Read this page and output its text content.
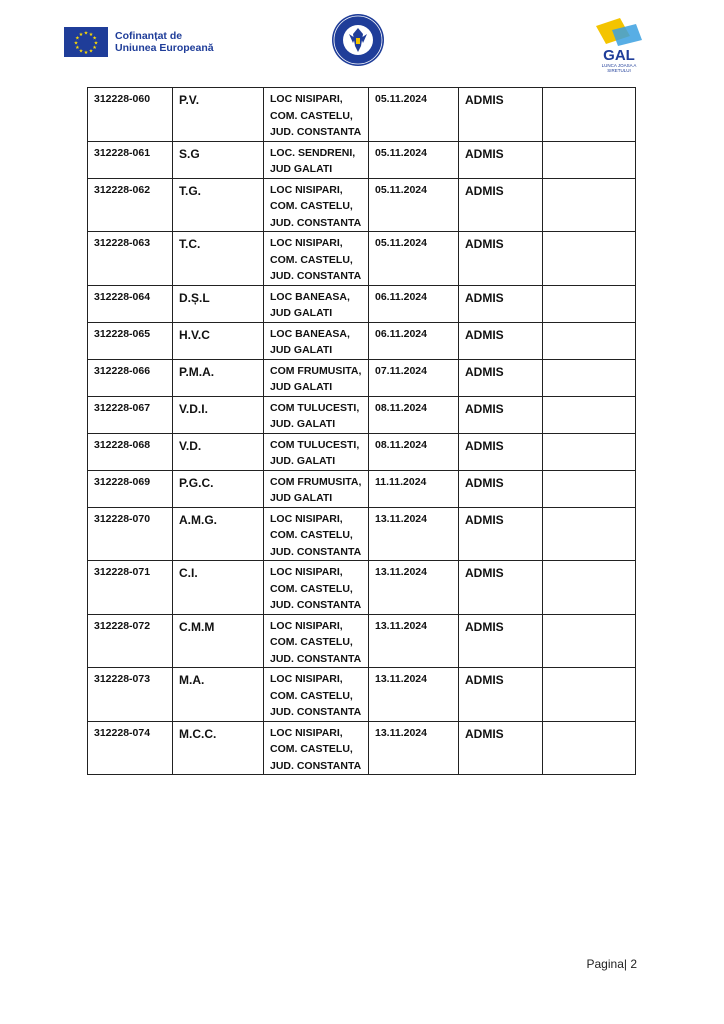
★ ★
★
★
★
★
★
★
★
★
★
★	Cofinanțat de
Uniunea Europeană	GAL
LUNCA JOASA A SIRETULUI
312228-060	P.V.	LOC NISIPARI, COM. CASTELU, JUD. CONSTANTA	05.11.2024	ADMIS	
312228-061	S.G	LOC. SENDRENI, JUD GALATI	05.11.2024	ADMIS	
312228-062	T.G.	LOC NISIPARI, COM. CASTELU, JUD. CONSTANTA	05.11.2024	ADMIS	
312228-063	T.C.	LOC NISIPARI, COM. CASTELU, JUD. CONSTANTA	05.11.2024	ADMIS	
312228-064	D.Ș.L	LOC BANEASA, JUD GALATI	06.11.2024	ADMIS	
312228-065	H.V.C	LOC BANEASA, JUD GALATI	06.11.2024	ADMIS	
312228-066	P.M.A.	COM FRUMUSITA, JUD GALATI	07.11.2024	ADMIS	
312228-067	V.D.I.	COM TULUCESTI, JUD. GALATI	08.11.2024	ADMIS	
312228-068	V.D.	COM TULUCESTI, JUD. GALATI	08.11.2024	ADMIS	
312228-069	P.G.C.	COM FRUMUSITA, JUD GALATI	11.11.2024	ADMIS	
312228-070	A.M.G.	LOC NISIPARI, COM. CASTELU, JUD. CONSTANTA	13.11.2024	ADMIS	
312228-071	C.I.	LOC NISIPARI, COM. CASTELU, JUD. CONSTANTA	13.11.2024	ADMIS	
312228-072	C.M.M	LOC NISIPARI, COM. CASTELU, JUD. CONSTANTA	13.11.2024	ADMIS	
312228-073	M.A.	LOC NISIPARI, COM. CASTELU, JUD. CONSTANTA	13.11.2024	ADMIS	
312228-074	M.C.C.	LOC NISIPARI, COM. CASTELU, JUD. CONSTANTA	13.11.2024	ADMIS	
Pagina| 2
